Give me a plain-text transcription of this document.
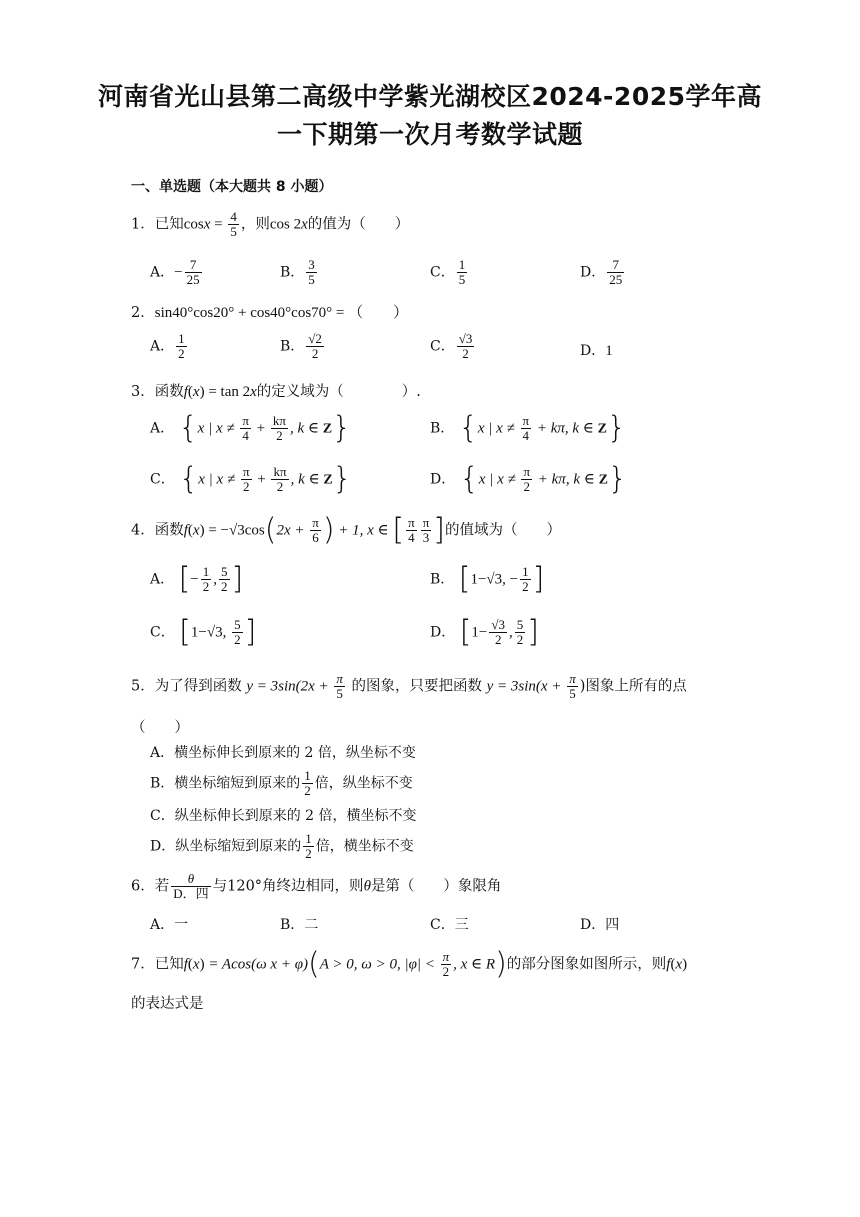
河南省光山县第二高级中学紫光湖校区2024-2025学年高
一下期第一次月考数学试题
一、单选题（本大题共 8 小题）
1．已知$\cos x = \frac{4}{5}$ ，则cos 2x的值为（　　）
A．− $\frac{7}{25}$	B． $\frac{3}{5}$	C． $\frac{1}{5}$	D． $\frac{7}{25}$
2．sin40°cos20° + cos40°cos70° = （　　）
A． $\frac{1}{2}$	B． $\frac{√2}{2}$	C． $\frac{√3}{2}$	D．1
3．函数f(x) = tan 2x的定义域为（　　　　）.
A． {x | $x \ne \frac{\pi}{4} + \frac{k\pi}{2}$ , k ∈ Z}	B． {x | $x \ne \frac{\pi}{4} + k\pi$, k ∈ Z}
C． {x | $x \ne \frac{\pi}{2} + \frac{k\pi}{2}$ , k ∈ Z}	D． {x | $x \ne \frac{\pi}{2} + k\pi$, k ∈ Z}
4．函数$f(x) = -√3\cos(2x + \frac{\pi}{6}$ ) + 1, x ∈ [ $\frac{\pi}{4} \frac{\pi}{3}$ ]的值域为（　　）
A． [− $\frac{1}{2}$ , $\frac{5}{2}$ ]	B． [1−√3, − $\frac{1}{2}$ ]
C． [1−√3, $\frac{5}{2}$ ]	D． [$1- \frac{√3}{2}$ , $\frac{5}{2}$ ]
5．为了得到函数 $y = 3\sin(2x + \frac{\pi}{5}$ 的图象，只要把函数 $y = 3\sin(x + \frac{\pi}{5}$ )图象上所有的点
（　　）
A．横坐标伸长到原来的 2 倍，纵坐标不变
B．横坐标缩短到原来的 $\frac{1}{2}$ 倍，纵坐标不变
C．纵坐标伸长到原来的 2 倍，横坐标不变
D．纵坐标缩短到原来的 $\frac{1}{2}$ 倍，横坐标不变
6．若 $\frac{\theta}{\text{D．四}}$ 与120°角终边相同，则θ是第（　　）象限角
A．一	B．二	C．三	D．四
7．已知f(x) = Acos(ω x + φ)(A > 0, ω > 0, $|\varphi| < \frac{\pi}{2}$ , x ∈ R)的部分图象如图所示，则f(x)
的表达式是
